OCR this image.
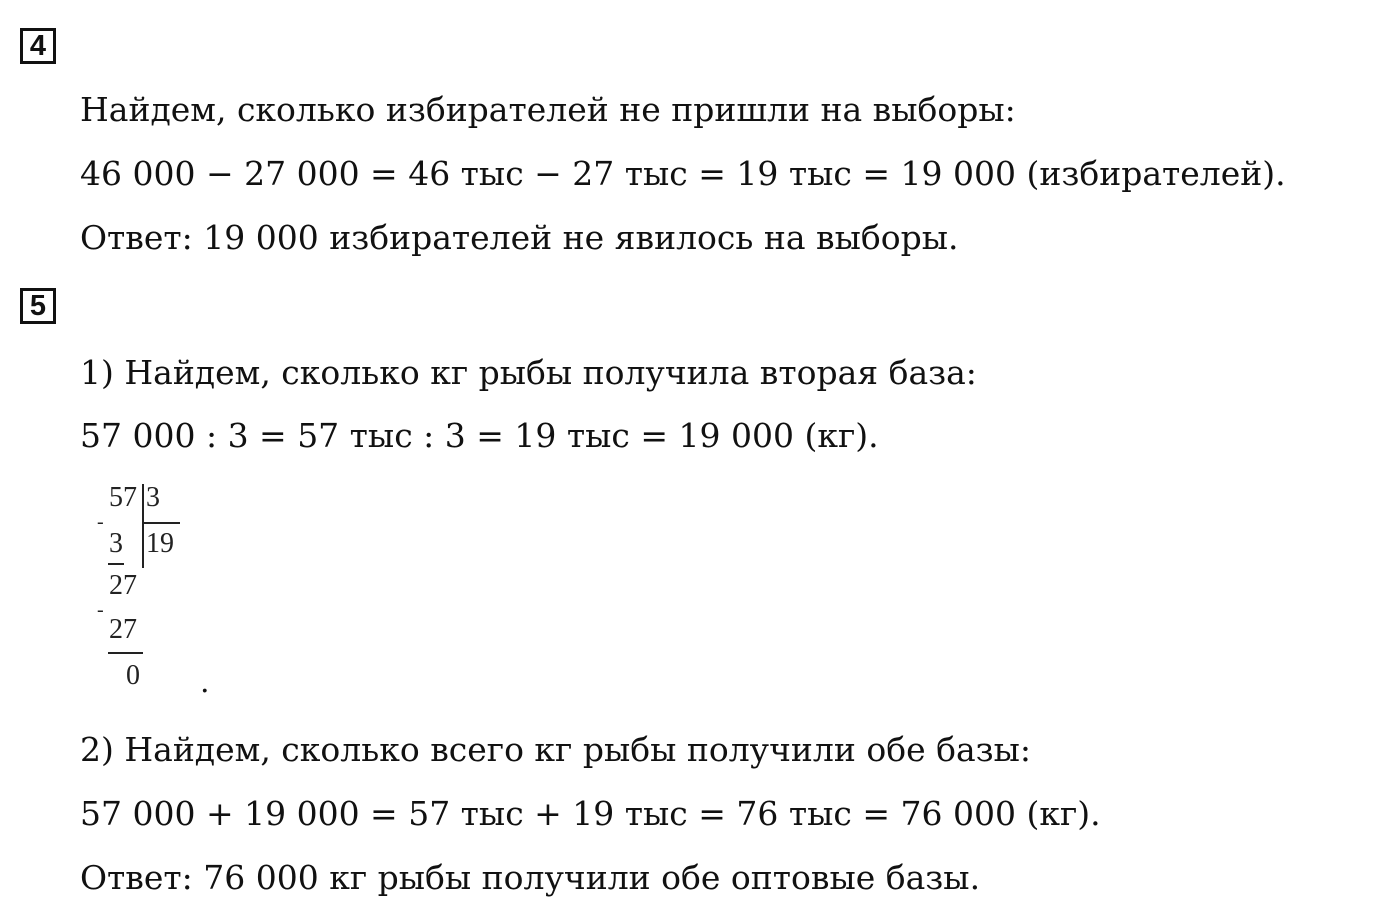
4
Найдем, сколько избирателей не пришли на выборы:
46 000 − 27 000 = 46 тыс − 27 тыс = 19 тыс = 19 000 (избирателей).
Ответ: 19 000 избирателей не явилось на выборы.
5
1) Найдем, сколько кг рыбы получила вторая база:
57 000 : 3 = 57 тыс : 3 = 19 тыс = 19 000 (кг).
57 3
-
3 19
27
-
27
0 .
2) Найдем, сколько всего кг рыбы получили обе базы:
57 000 + 19 000 = 57 тыс + 19 тыс = 76 тыс = 76 000 (кг).
Ответ: 76 000 кг рыбы получили обе оптовые базы.
